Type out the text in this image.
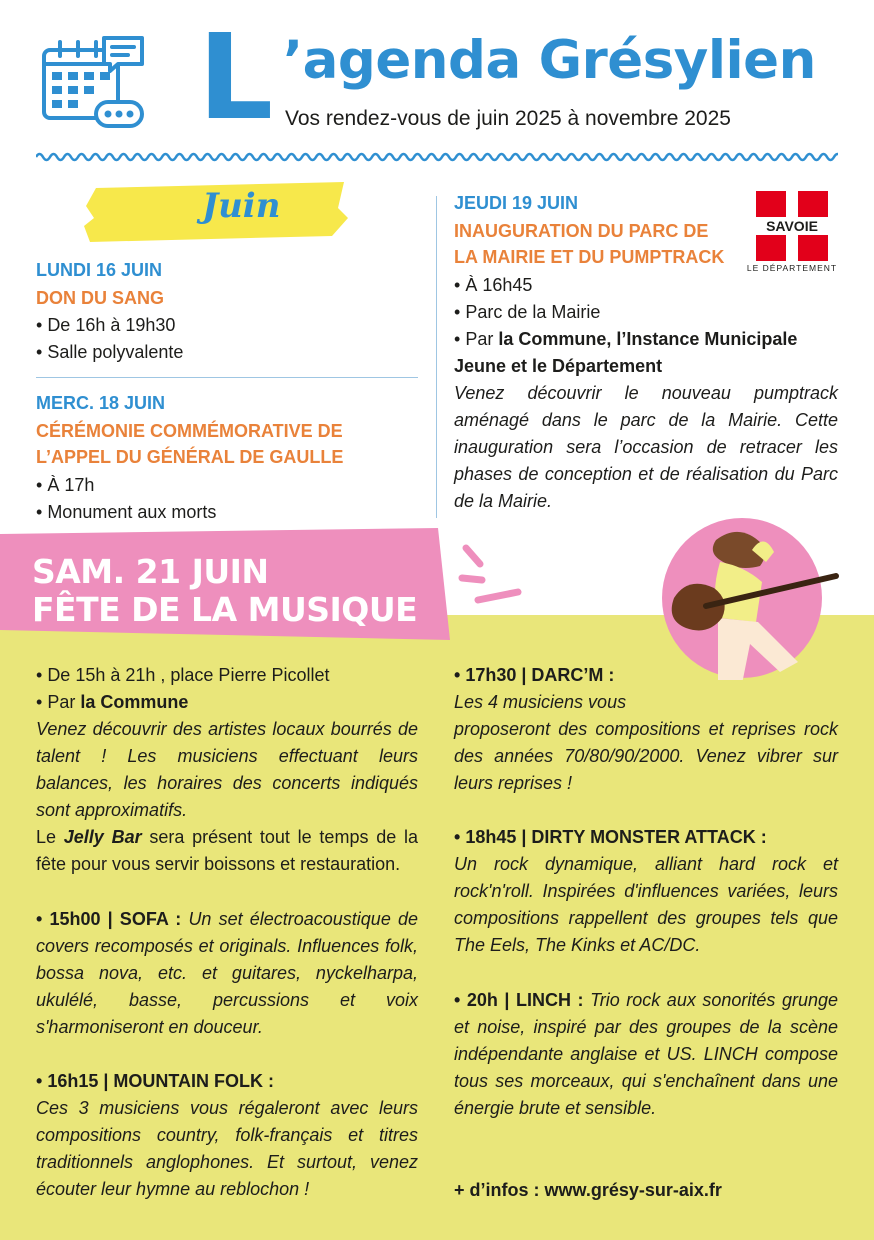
L ’agenda Grésylien
Vos rendez-vous de juin 2025 à novembre 2025
Juin
LUNDI 16 JUIN
DON DU SANG
• De 16h à 19h30
• Salle polyvalente
MERC. 18 JUIN
CÉRÉMONIE COMMÉMORATIVE DE
L’APPEL DU GÉNÉRAL DE GAULLE
• À 17h
• Monument aux morts
JEUDI 19 JUIN
INAUGURATION DU PARC DE
LA MAIRIE ET DU PUMPTRACK
• À 16h45
• Parc de la Mairie
• Par la Commune, l’Instance Municipale
Jeune et le Département
Venez découvrir le nouveau pumptrack aménagé dans le parc de la Mairie. Cette inauguration sera l’occasion de retracer les phases de conception et de réalisation du Parc de la Mairie.
SAVOIE
LE DÉPARTEMENT
SAM. 21 JUIN
FÊTE DE LA MUSIQUE
• De 15h à 21h , place Pierre Picollet
• Par la Commune
Venez découvrir des artistes locaux bourrés de talent ! Les musiciens effectuant leurs balances, les horaires des concerts indiqués sont approximatifs.
Le Jelly Bar sera présent tout le temps de la fête pour vous servir boissons et restauration.
• 15h00 | SOFA : Un set électroacoustique de covers recomposés et originals. Influences folk, bossa nova, etc. et guitares, nyckelharpa, ukulélé, basse, percussions et voix s'harmoniseront en douceur.
• 16h15 | MOUNTAIN FOLK :
Ces 3 musiciens vous régaleront avec leurs compositions country, folk-français et titres traditionnels anglophones. Et surtout, venez écouter leur hymne au reblochon !
• 17h30 | DARC’M :
Les 4 musiciens vous
proposeront des compositions et reprises rock des années 70/80/90/2000. Venez vibrer sur leurs reprises !
• 18h45 | DIRTY MONSTER ATTACK :
Un rock dynamique, alliant hard rock et rock'n'roll. Inspirées d'influences variées, leurs compositions rappellent des groupes tels que The Eels, The Kinks et AC/DC.
• 20h | LINCH : Trio rock aux sonorités grunge et noise, inspiré par des groupes de la scène indépendante anglaise et US. LINCH compose tous ses morceaux, qui s'enchaînent dans une énergie brute et sensible.
+ d’infos : www.grésy-sur-aix.fr
